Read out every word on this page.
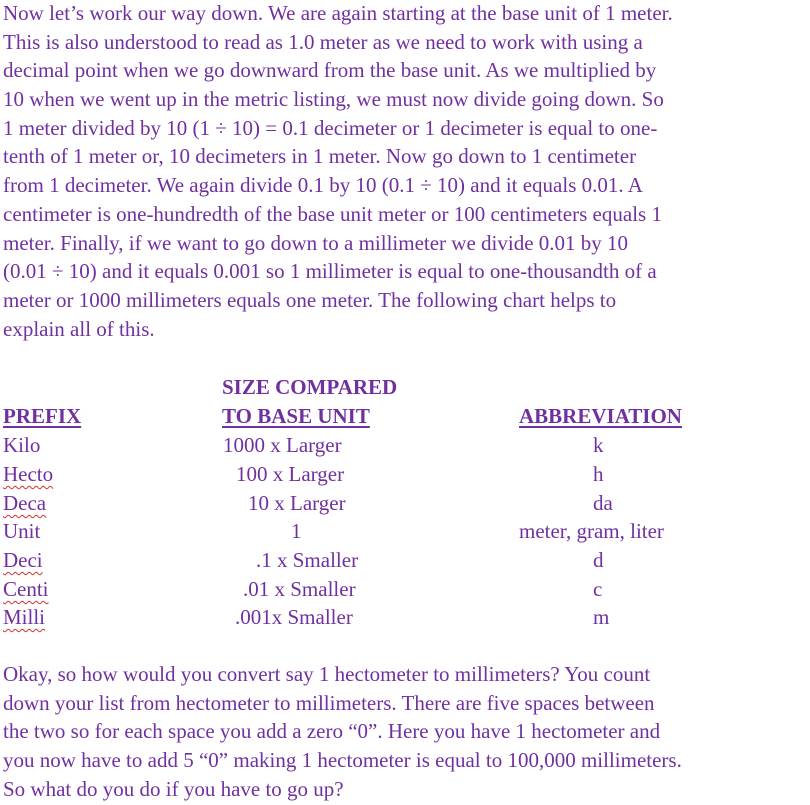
Now let’s work our way down. We are again starting at the base unit of 1 meter.
This is also understood to read as 1.0 meter as we need to work with using a
decimal point when we go downward from the base unit. As we multiplied by
10 when we went up in the metric listing, we must now divide going down. So
1 meter divided by 10 (1 ÷ 10) = 0.1 decimeter or 1 decimeter is equal to one-
tenth of 1 meter or, 10 decimeters in 1 meter. Now go down to 1 centimeter
from 1 decimeter. We again divide 0.1 by 10 (0.1 ÷ 10) and it equals 0.01. A
centimeter is one-hundredth of the base unit meter or 100 centimeters equals 1
meter. Finally, if we want to go down to a millimeter we divide 0.01 by 10
(0.01 ÷ 10) and it equals 0.001 so 1 millimeter is equal to one-thousandth of a
meter or 1000 millimeters equals one meter. The following chart helps to
explain all of this.
SIZE COMPARED
PREFIX	TO BASE UNIT	ABBREVIATION
Kilo	1000 x Larger	k
Hecto	100 x Larger	h
Deca	10 x Larger	da
Unit	1	meter, gram, liter
Deci	.1 x Smaller	d
Centi	.01 x Smaller	c
Milli	.001x Smaller	m
Okay, so how would you convert say 1 hectometer to millimeters? You count
down your list from hectometer to millimeters. There are five spaces between
the two so for each space you add a zero “0”. Here you have 1 hectometer and
you now have to add 5 “0” making 1 hectometer is equal to 100,000 millimeters.
So what do you do if you have to go up?
